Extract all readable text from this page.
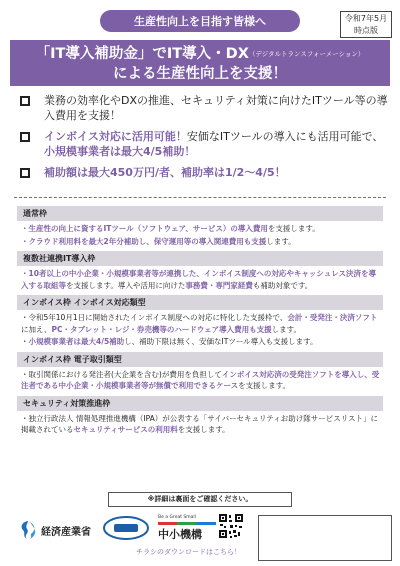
生産性向上を目指す皆様へ	令和7年5月
時点版
「IT導入補助金」でIT導入・DX（デジタルトランスフォーメーション）
による生産性向上を支援！
業務の効率化やDXの推進、セキュリティ対策に向けたITツール等の導入費用を支援！
インボイス対応に活用可能！安価なITツールの導入にも活用可能で、小規模事業者は最大4/5補助！
補助額は最大450万円/者、補助率は1/2〜4/5！
通常枠

・生産性の向上に資するITツール（ソフトウェア、サービス）の導入費用を支援します。

・クラウド利用料を最大2年分補助し、保守運用等の導入関連費用も支援します。

複数社連携IT導入枠

・10者以上の中小企業・小規模事業者等が連携した、インボイス制度への対応やキャッシュレス決済を導入する取組等を支援します。導入や活用に向けた事務費・専門家経費も補助対象です。

インボイス枠 インボイス対応類型

・令和5年10月1日に開始されたインボイス制度への対応に特化した支援枠で、会計・受発注・決済ソフトに加え、PC・タブレット・レジ・券売機等のハードウェア導入費用も支援します。

・小規模事業者は最大4/5補助し、補助下限は無く、安価なITツール導入も支援します。

インボイス枠 電子取引類型

・取引関係における発注者(大企業を含む)が費用を負担してインボイス対応済の受発注ソフトを導入し、受注者である中小企業・小規模事業者等が無償で利用できるケースを支援します。

セキュリティ対策推進枠

・独立行政法人 情報処理推進機構（IPA）が公表する「サイバーセキュリティお助け隊サービスリスト」に掲載されているセキュリティサービスの利用料を支援します。

※詳細は裏面をご確認ください。
経済産業省
Be a Great Small
中小機構
チラシのダウンロードはこちら！
